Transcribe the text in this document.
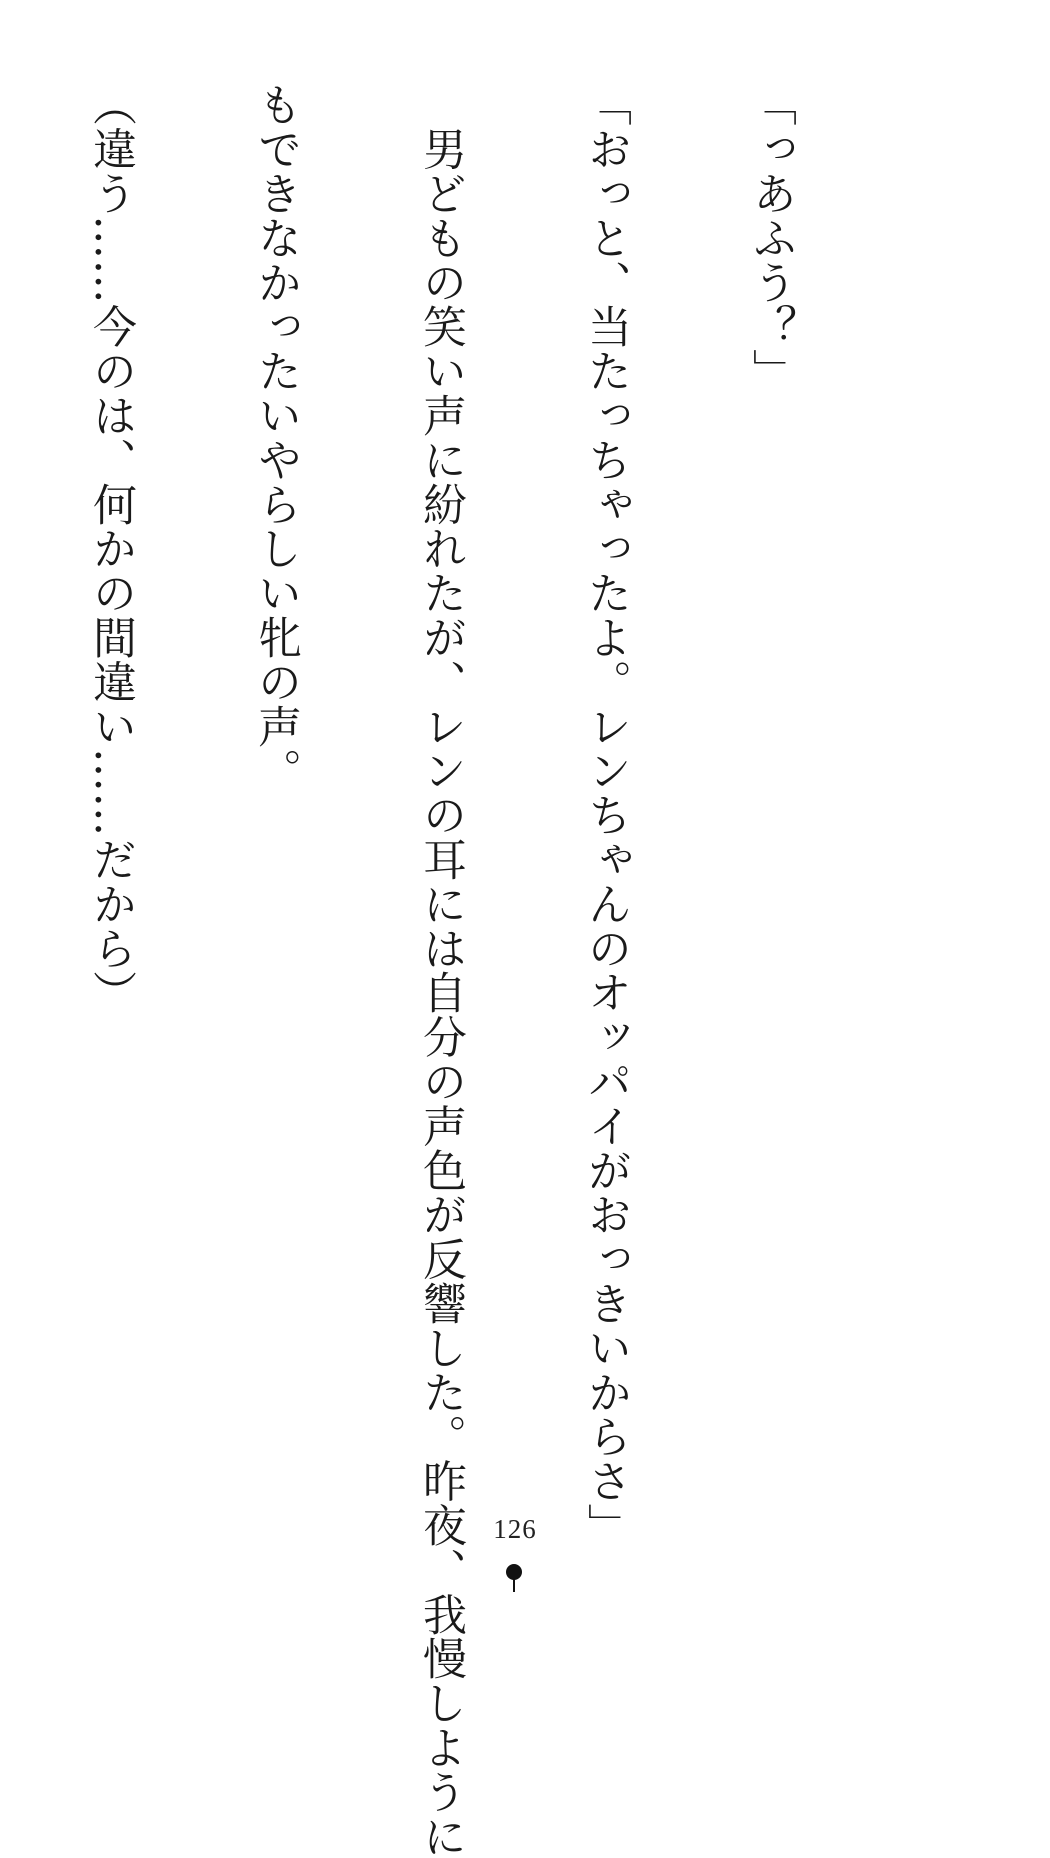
「っあふう？」

「おっと、当たっちゃったよ。レンちゃんのオッパイがおっきいからさ」

　男どもの笑い声に紛れたが、レンの耳には自分の声色が反響した。昨夜、我慢しように

もできなかったいやらしい牝の声。

（違う……今のは、何かの間違い……だから）

126
